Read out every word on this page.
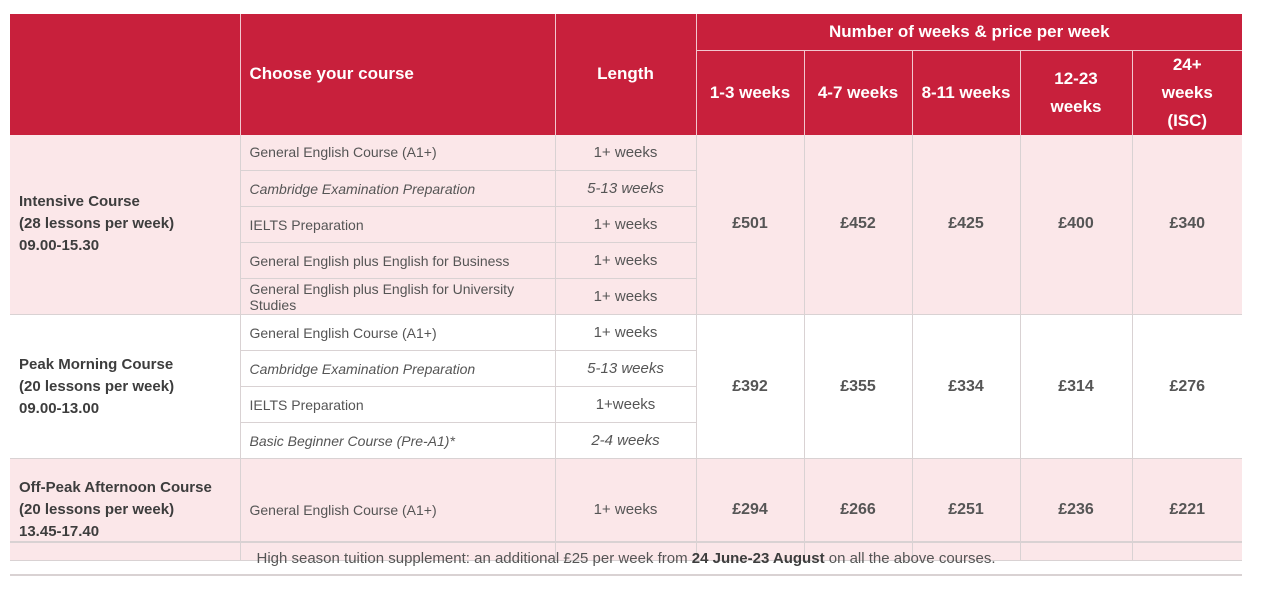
	Choose your course	Length	Number of weeks & price per week				
			1-3 weeks	4-7 weeks	8-11 weeks	12-23 weeks	24+ weeks (ISC)

Intensive Course
(28 lessons per week)
09.00-15.30	General English Course (A1+)	1+ weeks	£501	£452	£425	£400	£340
	Cambridge Examination Preparation	5-13 weeks					
	IELTS Preparation	1+ weeks					
	General English plus English for Business	1+ weeks					
	General English plus English for University Studies	1+ weeks					

Peak Morning Course
(20 lessons per week)
09.00-13.00	General English Course (A1+)	1+ weeks	£392	£355	£334	£314	£276
	Cambridge Examination Preparation	5-13 weeks					
	IELTS Preparation	1+weeks					
	Basic Beginner Course (Pre-A1)*	2-4 weeks					

Off-Peak Afternoon Course
(20 lessons per week)
13.45-17.40	General English Course (A1+)	1+ weeks	£294	£266	£251	£236	£221
High season tuition supplement: an additional £25 per week from 24 June-23 August on all the above courses.
